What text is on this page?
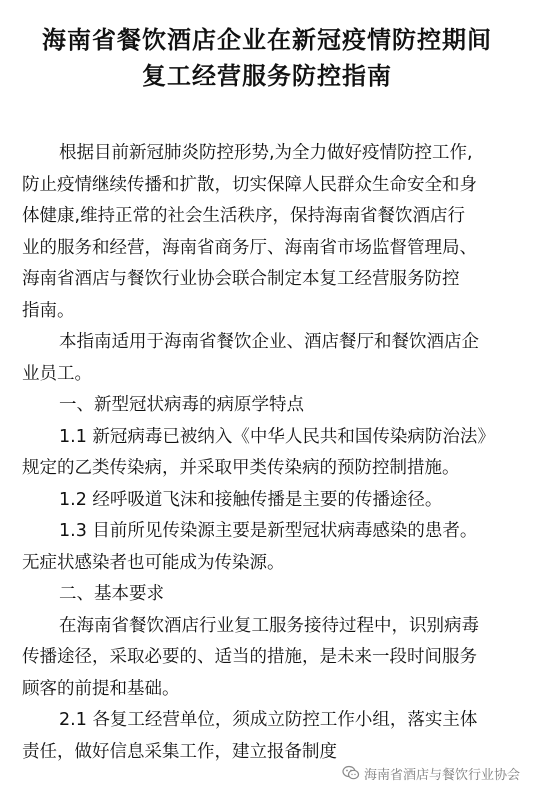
海南省餐饮酒店企业在新冠疫情防控期间
复工经营服务防控指南
根据目前新冠肺炎防控形势,为全力做好疫情防控工作,
防止疫情继续传播和扩散，切实保障人民群众生命安全和身
体健康,维持正常的社会生活秩序，保持海南省餐饮酒店行
业的服务和经营，海南省商务厅、海南省市场监督管理局、
海南省酒店与餐饮行业协会联合制定本复工经营服务防控
指南。
本指南适用于海南省餐饮企业、酒店餐厅和餐饮酒店企
业员工。
一、新型冠状病毒的病原学特点
1.1 新冠病毒已被纳入《中华人民共和国传染病防治法》
规定的乙类传染病，并采取甲类传染病的预防控制措施。
1.2 经呼吸道飞沫和接触传播是主要的传播途径。
1.3 目前所见传染源主要是新型冠状病毒感染的患者。
无症状感染者也可能成为传染源。
二、基本要求
在海南省餐饮酒店行业复工服务接待过程中，识别病毒
传播途径，采取必要的、适当的措施，是未来一段时间服务
顾客的前提和基础。
2.1 各复工经营单位，须成立防控工作小组，落实主体
责任，做好信息采集工作，建立报备制度
海南省酒店与餐饮行业协会
